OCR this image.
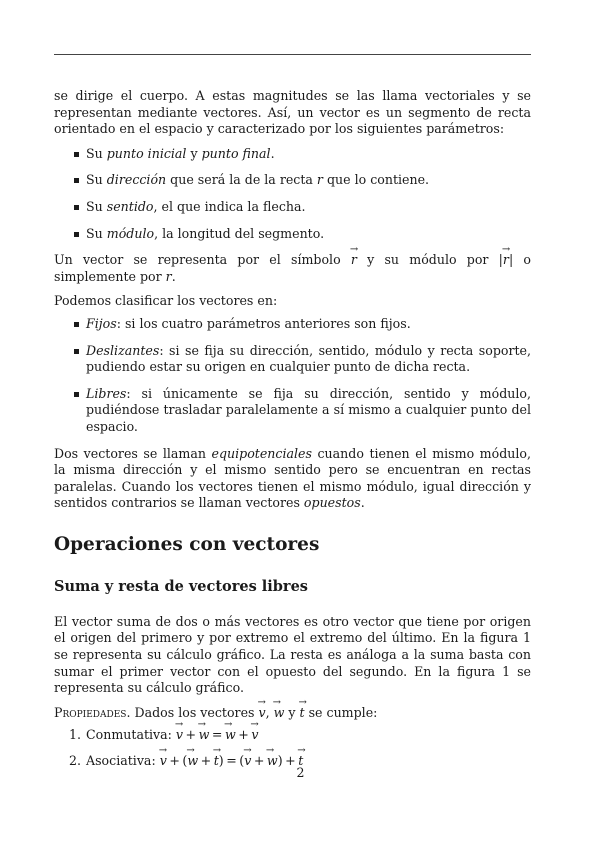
se dirige el cuerpo. A estas magnitudes se las llama vectoriales y se representan mediante vectores. Así, un vector es un segmento de recta orientado en el espacio y caracterizado por los siguientes parámetros:

Su punto inicial y punto final.
Su dirección que será la de la recta r que lo contiene.
Su sentido, el que indica la flecha.
Su módulo, la longitud del segmento.

Un vector se representa por el símbolo r → y su módulo por |r →| o simplemente por r.

Podemos clasificar los vectores en:

Fijos: si los cuatro parámetros anteriores son fijos.
Deslizantes: si se fija su dirección, sentido, módulo y recta soporte, pudiendo estar su origen en cualquier punto de dicha recta.
Libres: si únicamente se fija su dirección, sentido y módulo, pudiéndose trasladar paralelamente a sí mismo a cualquier punto del espacio.

Dos vectores se llaman equipotenciales cuando tienen el mismo módulo, la misma dirección y el mismo sentido pero se encuentran en rectas paralelas. Cuando los vectores tienen el mismo módulo, igual dirección y sentidos contrarios se llaman vectores opuestos.

Operaciones con vectores
Suma y resta de vectores libres

El vector suma de dos o más vectores es otro vector que tiene por origen el origen del primero y por extremo el extremo del último. En la figura 1 se representa su cálculo gráfico. La resta es análoga a la suma basta con sumar el primer vector con el opuesto del segundo. En la figura 1 se representa su cálculo gráfico.

Propiedades. Dados los vectores v →, w → y t → se cumple:

1. Conmutativa: v → + w → = w → + v →
2. Asociativa: v → + (w → + t →) = (v → + w →) + t →
2
